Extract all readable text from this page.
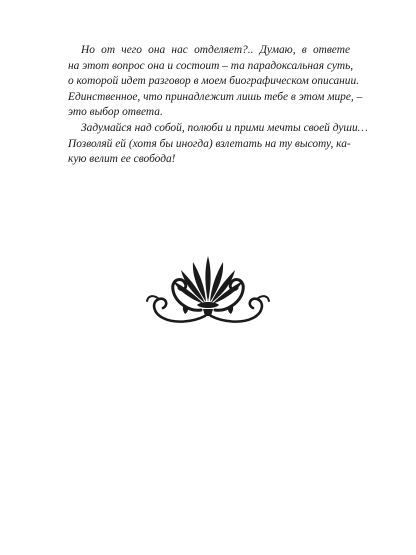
Но от чего она нас отделяет?.. Думаю, в ответе
на этот вопрос она и состоит – та парадоксальная суть,
о которой идет разговор в моем биографическом описании.
Единственное, что принадлежит лишь тебе в этом мире, –
это выбор ответа.

Задумайся над собой, полюби и прими мечты своей души…
Позволяй ей (хотя бы иногда) взлетать на ту высоту, ка-
кую велит ее свобода!
